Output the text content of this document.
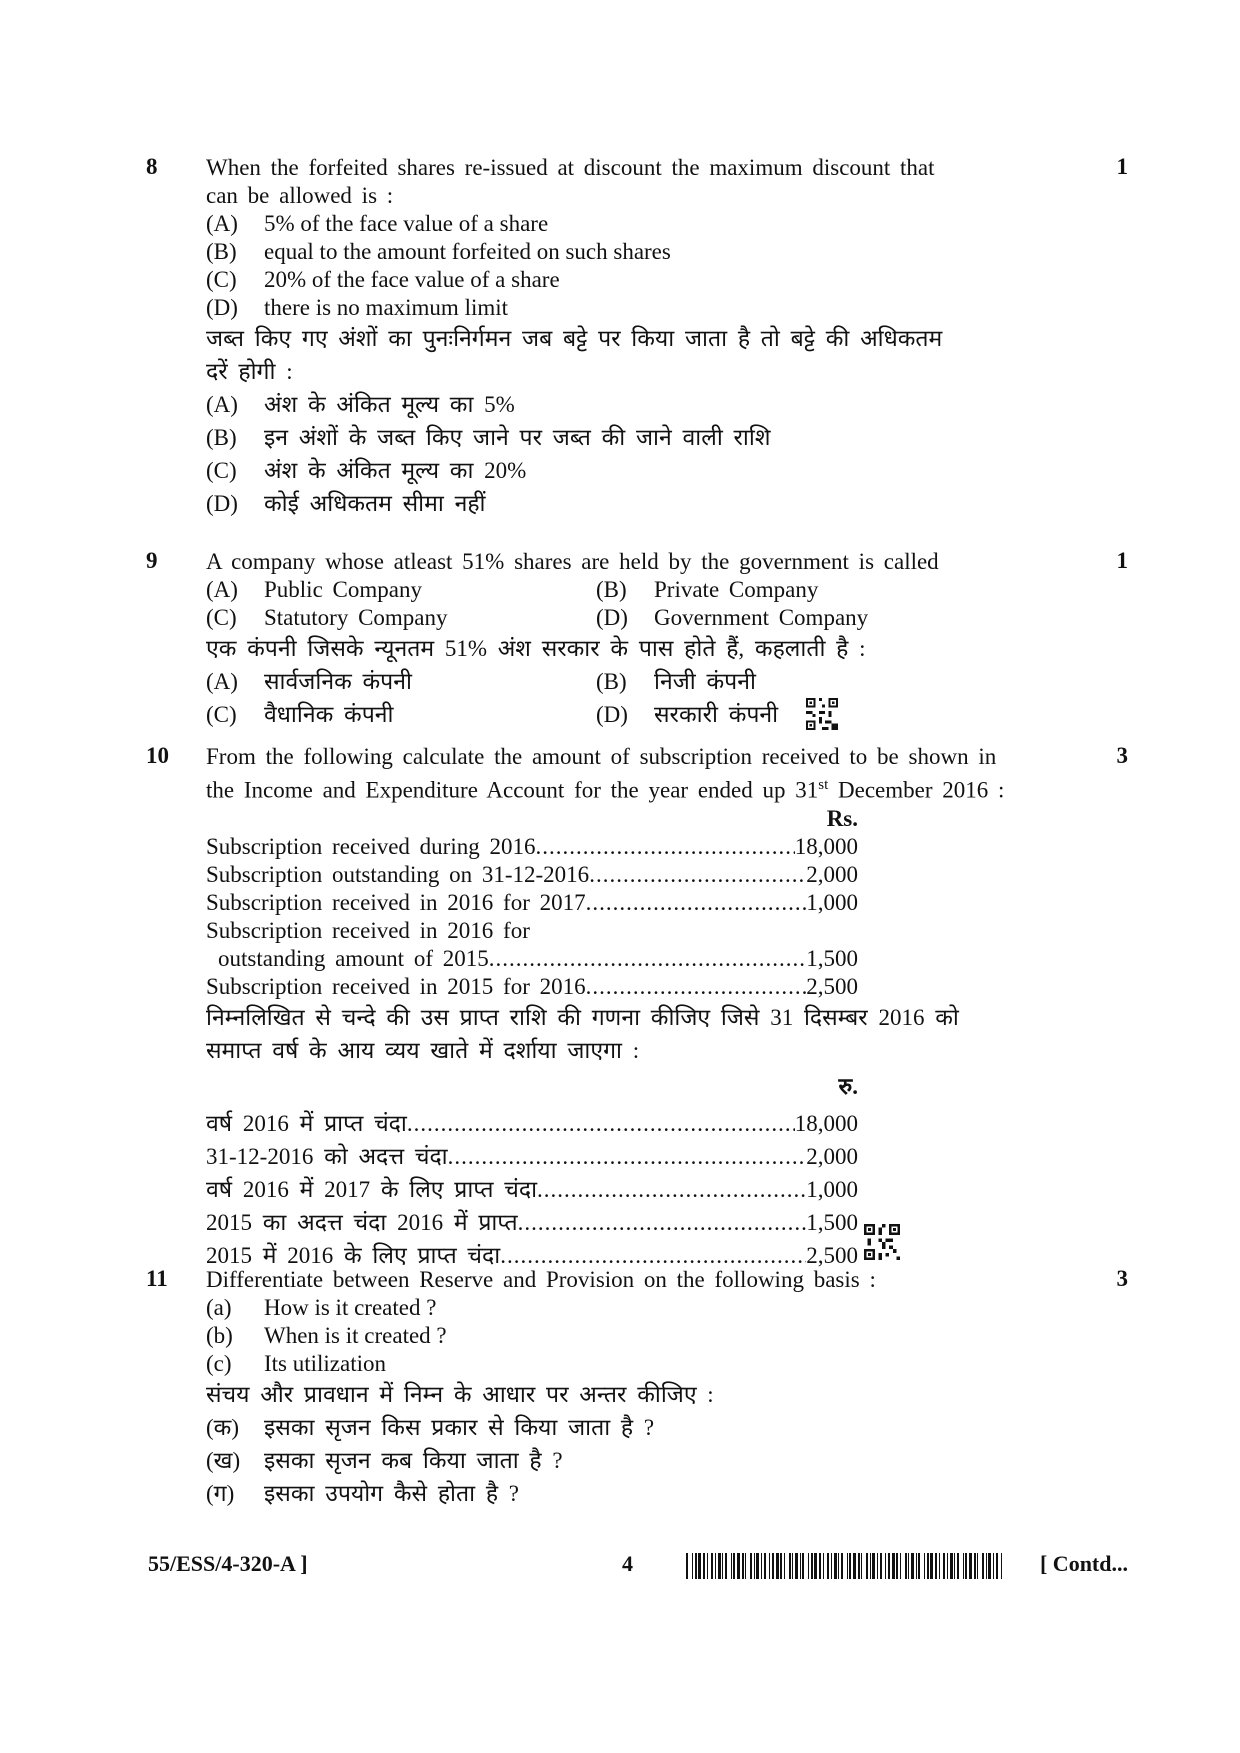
8	1
When the forfeited shares re-issued at discount the maximum discount that
can be allowed is :
(A)	5% of the face value of a share
(B)	equal to the amount forfeited on such shares
(C)	20% of the face value of a share
(D)	there is no maximum limit
जब्त किए गए अंशों का पुनःनिर्गमन जब बट्टे पर किया जाता है तो बट्टे की अधिकतम
दरें होगी :
(A)	अंश के अंकित मूल्य का 5%
(B)	इन अंशों के जब्त किए जाने पर जब्त की जाने वाली राशि
(C)	अंश के अंकित मूल्य का 20%
(D)	कोई अधिकतम सीमा नहीं
9	1
A company whose atleast 51% shares are held by the government is called
(A)	Public Company	(B)	Private Company
(C)	Statutory Company	(D)	Government Company
एक कंपनी जिसके न्यूनतम 51% अंश सरकार के पास होते हैं, कहलाती है :
(A)	सार्वजनिक कंपनी	(B)	निजी कंपनी
(C)	वैधानिक कंपनी	(D)	सरकारी कंपनी
10	3
From the following calculate the amount of subscription received to be shown in
the Income and Expenditure Account for the year ended up 31st December 2016 :
Rs.
Subscription received during 2016 .....	18,000
Subscription outstanding on 31-12-2016 .....	2,000
Subscription received in 2016 for 2017 .....	1,000
Subscription received in 2016 for
outstanding amount of 2015 .....	1,500
Subscription received in 2015 for 2016 .....	2,500
निम्नलिखित से चन्दे की उस प्राप्त राशि की गणना कीजिए जिसे 31 दिसम्बर 2016 को
समाप्त वर्ष के आय व्यय खाते में दर्शाया जाएगा :
रु.
वर्ष 2016 में प्राप्त चंदा .....	18,000
31-12-2016 को अदत्त चंदा .....	2,000
वर्ष 2016 में 2017 के लिए प्राप्त चंदा .....	1,000
2015 का अदत्त चंदा 2016 में प्राप्त .....	1,500
2015 में 2016 के लिए प्राप्त चंदा .....	2,500
11	3
Differentiate between Reserve and Provision on the following basis :
(a)	How is it created ?
(b)	When is it created ?
(c)	Its utilization
संचय और प्रावधान में निम्न के आधार पर अन्तर कीजिए :
(क)	इसका सृजन किस प्रकार से किया जाता है ?
(ख)	इसका सृजन कब किया जाता है ?
(ग)	इसका उपयोग कैसे होता है ?
55/ESS/4-320-A ]	4	[ Contd...
